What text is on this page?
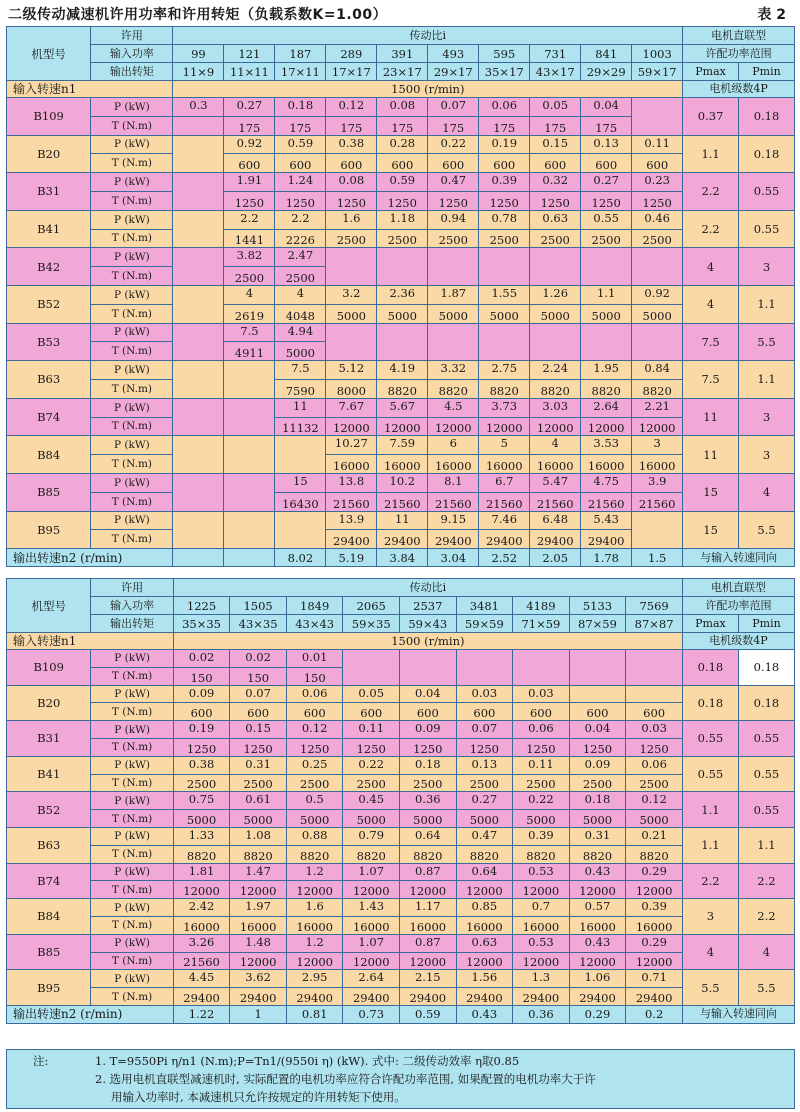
二级传动减速机许用功率和许用转矩（负载系数K=1.00）	表 2
机型号	许用	传动比i										电机直联型	
	输入功率	99	121	187	289	391	493	595	731	841	1003	许配功率范围	
	输出转矩	11×9	11×11	17×11	17×17	23×17	29×17	35×17	43×17	29×29	59×17	Pmax	Pmin
输入转速n1		1500 (r/min)										电机级数4P	
B109	P (kW)	0.3	0.27	0.18	0.12	0.08	0.07	0.06	0.05	0.04		0.37	0.18
	T (N.m)		175	175	175	175	175	175	175	175			
B20	P (kW)		0.92	0.59	0.38	0.28	0.22	0.19	0.15	0.13	0.11	1.1	0.18
	T (N.m)		600	600	600	600	600	600	600	600	600		
B31	P (kW)		1.91	1.24	0.08	0.59	0.47	0.39	0.32	0.27	0.23	2.2	0.55
	T (N.m)		1250	1250	1250	1250	1250	1250	1250	1250	1250		
B41	P (kW)		2.2	2.2	1.6	1.18	0.94	0.78	0.63	0.55	0.46	2.2	0.55
	T (N.m)		1441	2226	2500	2500	2500	2500	2500	2500	2500		
B42	P (kW)		3.82	2.47								4	3
	T (N.m)		2500	2500									
B52	P (kW)		4	4	3.2	2.36	1.87	1.55	1.26	1.1	0.92	4	1.1
	T (N.m)		2619	4048	5000	5000	5000	5000	5000	5000	5000		
B53	P (kW)		7.5	4.94								7.5	5.5
	T (N.m)		4911	5000									
B63	P (kW)			7.5	5.12	4.19	3.32	2.75	2.24	1.95	0.84	7.5	1.1
	T (N.m)			7590	8000	8820	8820	8820	8820	8820	8820		
B74	P (kW)			11	7.67	5.67	4.5	3.73	3.03	2.64	2.21	11	3
	T (N.m)			11132	12000	12000	12000	12000	12000	12000	12000		
B84	P (kW)				10.27	7.59	6	5	4	3.53	3	11	3
	T (N.m)				16000	16000	16000	16000	16000	16000	16000		
B85	P (kW)			15	13.8	10.2	8.1	6.7	5.47	4.75	3.9	15	4
	T (N.m)			16430	21560	21560	21560	21560	21560	21560	21560		
B95	P (kW)				13.9	11	9.15	7.46	6.48	5.43		15	5.5
	T (N.m)				29400	29400	29400	29400	29400	29400			
输出转速n2 (r/min)				8.02	5.19	3.84	3.04	2.52	2.05	1.78	1.5	与输入转速同向	
机型号	许用	传动比i									电机直联型	
	输入功率	1225	1505	1849	2065	2537	3481	4189	5133	7569	许配功率范围	
	输出转矩	35×35	43×35	43×43	59×35	59×43	59×59	71×59	87×59	87×87	Pmax	Pmin
输入转速n1		1500 (r/min)									电机级数4P	
B109	P (kW)	0.02	0.02	0.01							0.18	0.18
	T (N.m)	150	150	150								
B20	P (kW)	0.09	0.07	0.06	0.05	0.04	0.03	0.03			0.18	0.18
	T (N.m)	600	600	600	600	600	600	600	600	600		
B31	P (kW)	0.19	0.15	0.12	0.11	0.09	0.07	0.06	0.04	0.03	0.55	0.55
	T (N.m)	1250	1250	1250	1250	1250	1250	1250	1250	1250		
B41	P (kW)	0.38	0.31	0.25	0.22	0.18	0.13	0.11	0.09	0.06	0.55	0.55
	T (N.m)	2500	2500	2500	2500	2500	2500	2500	2500	2500		
B52	P (kW)	0.75	0.61	0.5	0.45	0.36	0.27	0.22	0.18	0.12	1.1	0.55
	T (N.m)	5000	5000	5000	5000	5000	5000	5000	5000	5000		
B63	P (kW)	1.33	1.08	0.88	0.79	0.64	0.47	0.39	0.31	0.21	1.1	1.1
	T (N.m)	8820	8820	8820	8820	8820	8820	8820	8820	8820		
B74	P (kW)	1.81	1.47	1.2	1.07	0.87	0.64	0.53	0.43	0.29	2.2	2.2
	T (N.m)	12000	12000	12000	12000	12000	12000	12000	12000	12000		
B84	P (kW)	2.42	1.97	1.6	1.43	1.17	0.85	0.7	0.57	0.39	3	2.2
	T (N.m)	16000	16000	16000	16000	16000	16000	16000	16000	16000		
B85	P (kW)	3.26	1.48	1.2	1.07	0.87	0.63	0.53	0.43	0.29	4	4
	T (N.m)	21560	12000	12000	12000	12000	12000	12000	12000	12000		
B95	P (kW)	4.45	3.62	2.95	2.64	2.15	1.56	1.3	1.06	0.71	5.5	5.5
	T (N.m)	29400	29400	29400	29400	29400	29400	29400	29400	29400		
输出转速n2 (r/min)		1.22	1	0.81	0.73	0.59	0.43	0.36	0.29	0.2	与输入转速同向	
注:	1. T=9550Pi η/n1 (N.m);P=Tn1/(9550i η) (kW). 式中: 二级传动效率 η取0.85
2. 选用电机直联型减速机时, 实际配置的电机功率应符合许配功率范围, 如果配置的电机功率大于许
用输入功率时, 本减速机只允许按规定的许用转矩下使用。
